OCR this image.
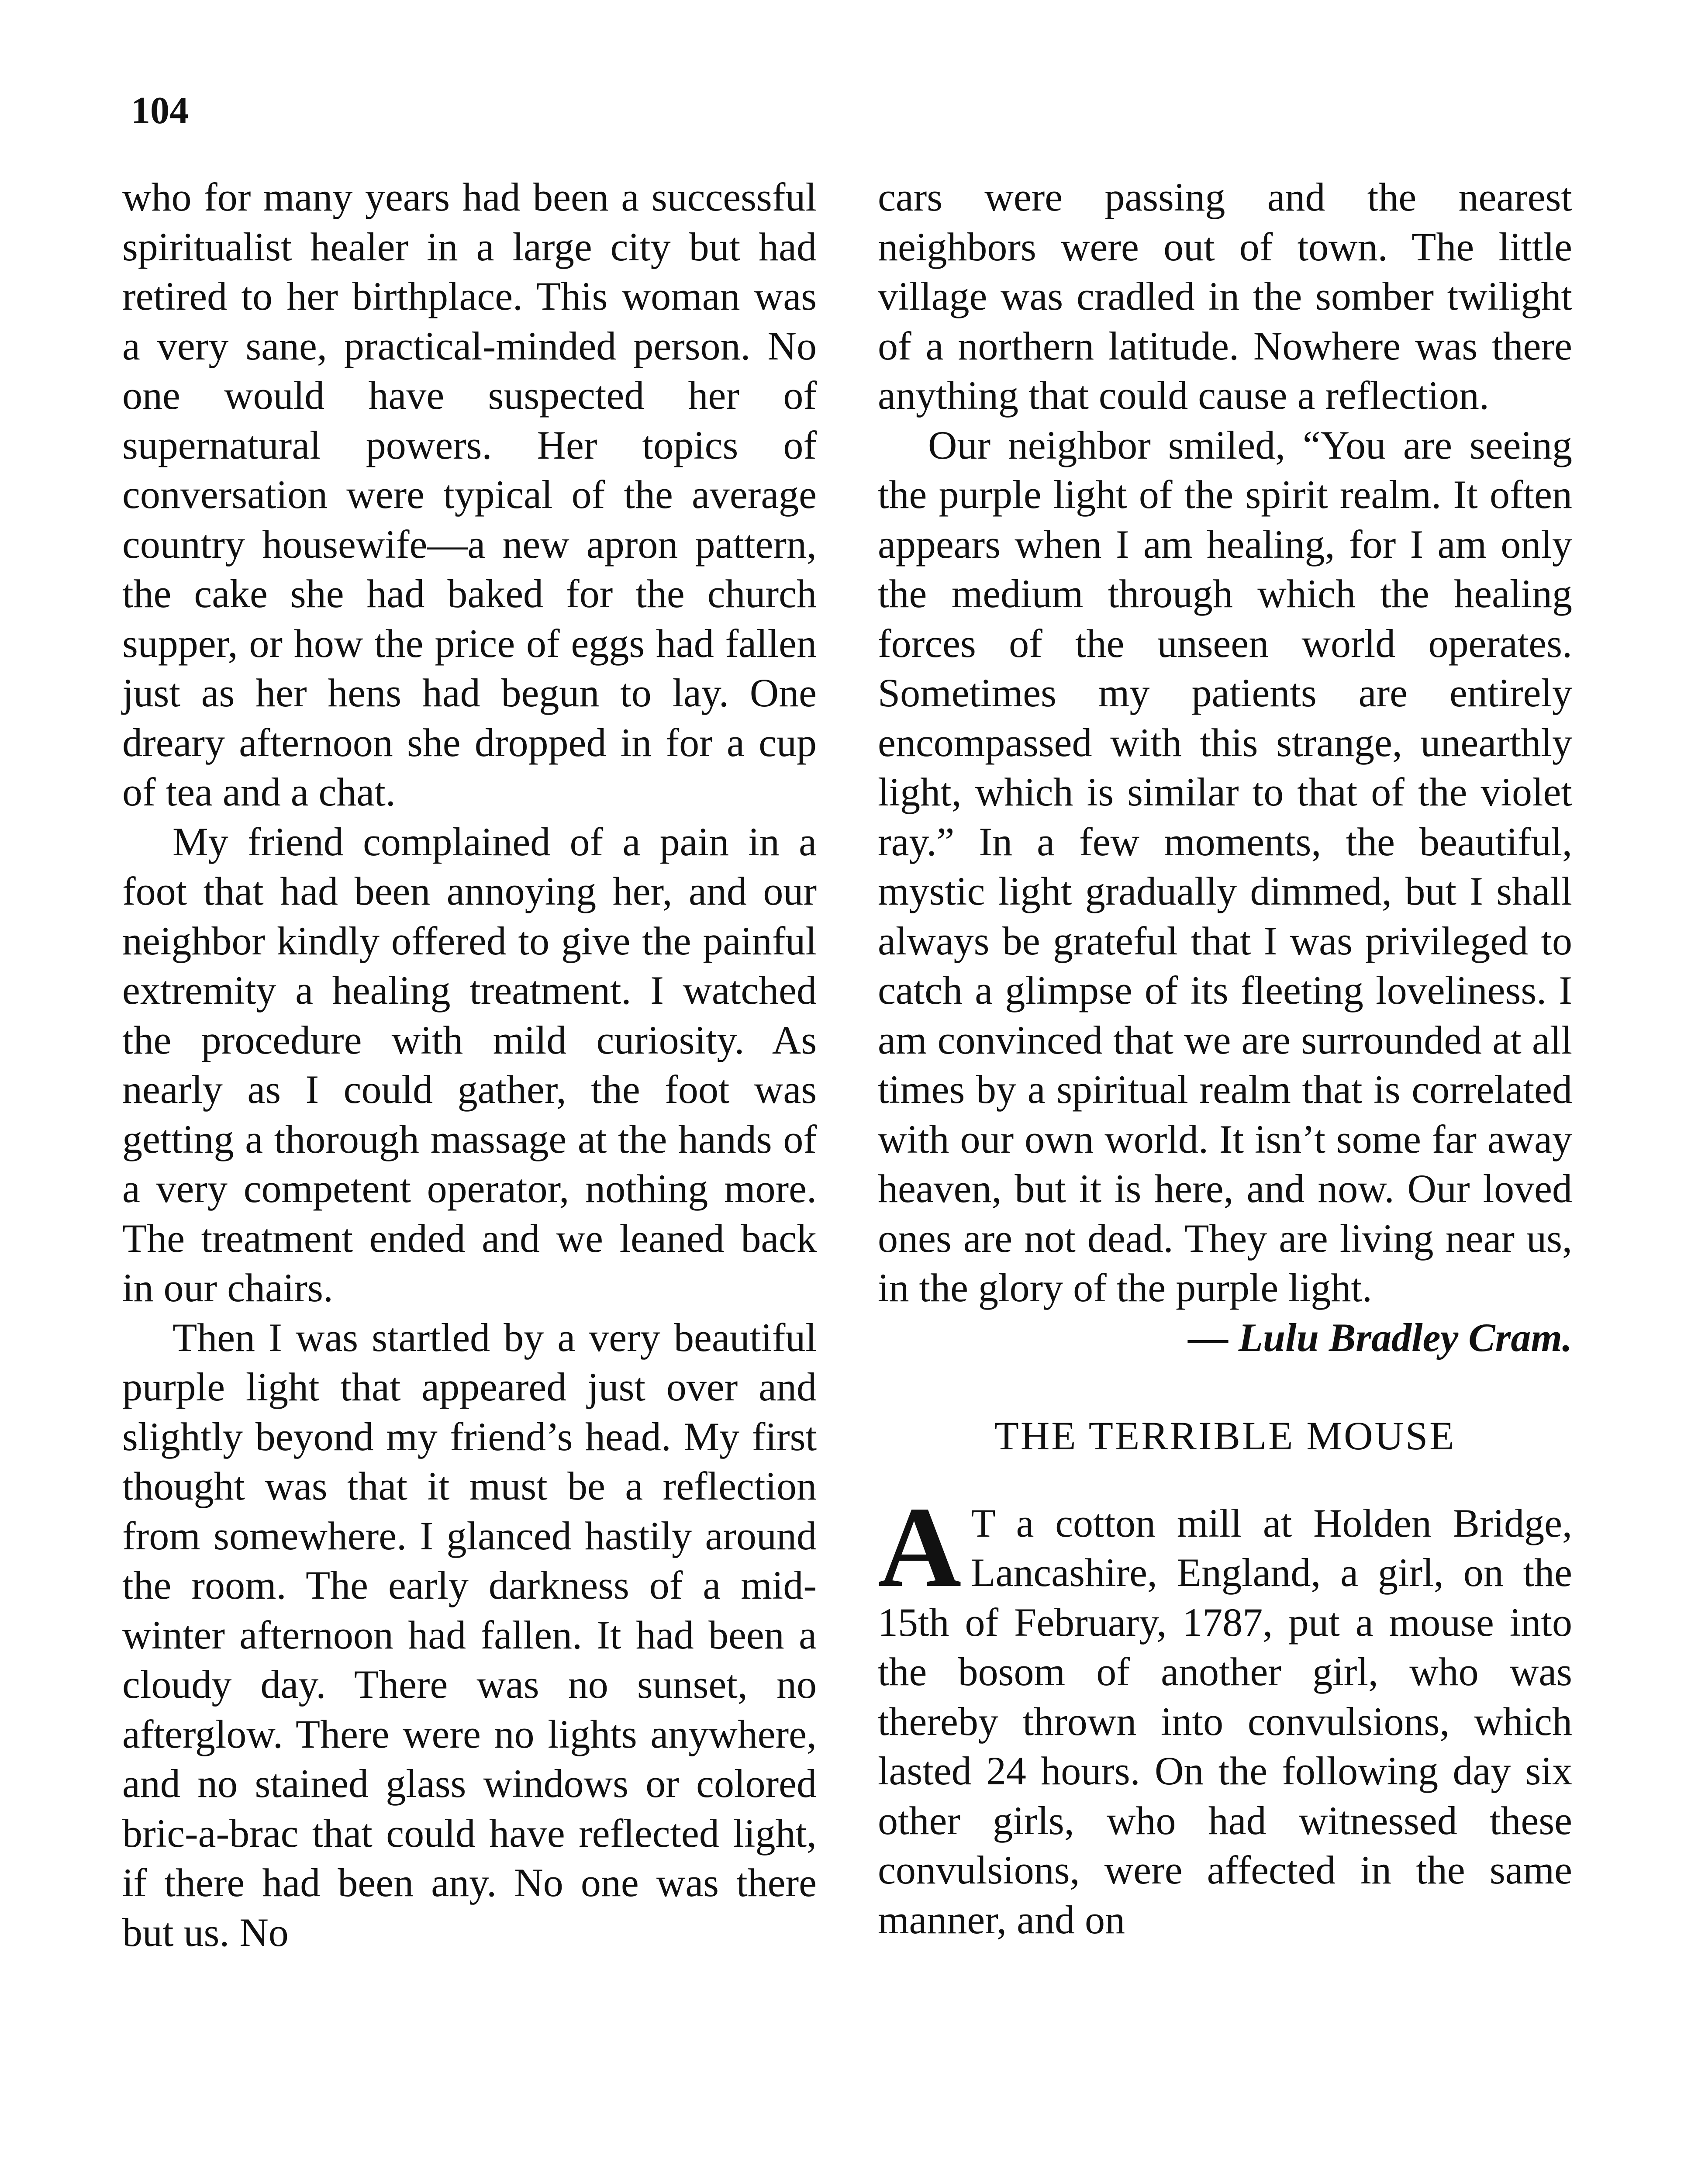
104

who for many years had been a successful spiritualist healer in a large city but had retired to her birthplace. This woman was a very sane, practical-minded person. No one would have suspected her of supernatural powers. Her topics of conversation were typical of the average country housewife—a new apron pattern, the cake she had baked for the church supper, or how the price of eggs had fallen just as her hens had begun to lay. One dreary afternoon she dropped in for a cup of tea and a chat.

My friend complained of a pain in a foot that had been annoying her, and our neighbor kindly offered to give the painful extremity a healing treatment. I watched the procedure with mild curiosity. As nearly as I could gather, the foot was getting a thorough massage at the hands of a very competent operator, nothing more. The treatment ended and we leaned back in our chairs.

Then I was startled by a very beautiful purple light that appeared just over and slightly beyond my friend’s head. My first thought was that it must be a reflection from somewhere. I glanced hastily around the room. The early darkness of a mid-winter afternoon had fallen. It had been a cloudy day. There was no sunset, no afterglow. There were no lights anywhere, and no stained glass windows or colored bric-a-brac that could have reflected light, if there had been any. No one was there but us. No

cars were passing and the nearest neighbors were out of town. The little village was cradled in the somber twilight of a northern latitude. Nowhere was there anything that could cause a reflection.

Our neighbor smiled, “You are seeing the purple light of the spirit realm. It often appears when I am healing, for I am only the medium through which the healing forces of the unseen world operates. Sometimes my patients are entirely encompassed with this strange, unearthly light, which is similar to that of the violet ray.” In a few moments, the beautiful, mystic light gradually dimmed, but I shall always be grateful that I was privileged to catch a glimpse of its fleeting loveliness. I am convinced that we are surrounded at all times by a spiritual realm that is correlated with our own world. It isn’t some far away heaven, but it is here, and now. Our loved ones are not dead. They are living near us, in the glory of the purple light.

— Lulu Bradley Cram.

THE TERRIBLE MOUSE

A T a cotton mill at Holden Bridge, Lancashire, England, a girl, on the 15th of February, 1787, put a mouse into the bosom of another girl, who was thereby thrown into convulsions, which lasted 24 hours. On the following day six other girls, who had witnessed these convulsions, were affected in the same manner, and on
